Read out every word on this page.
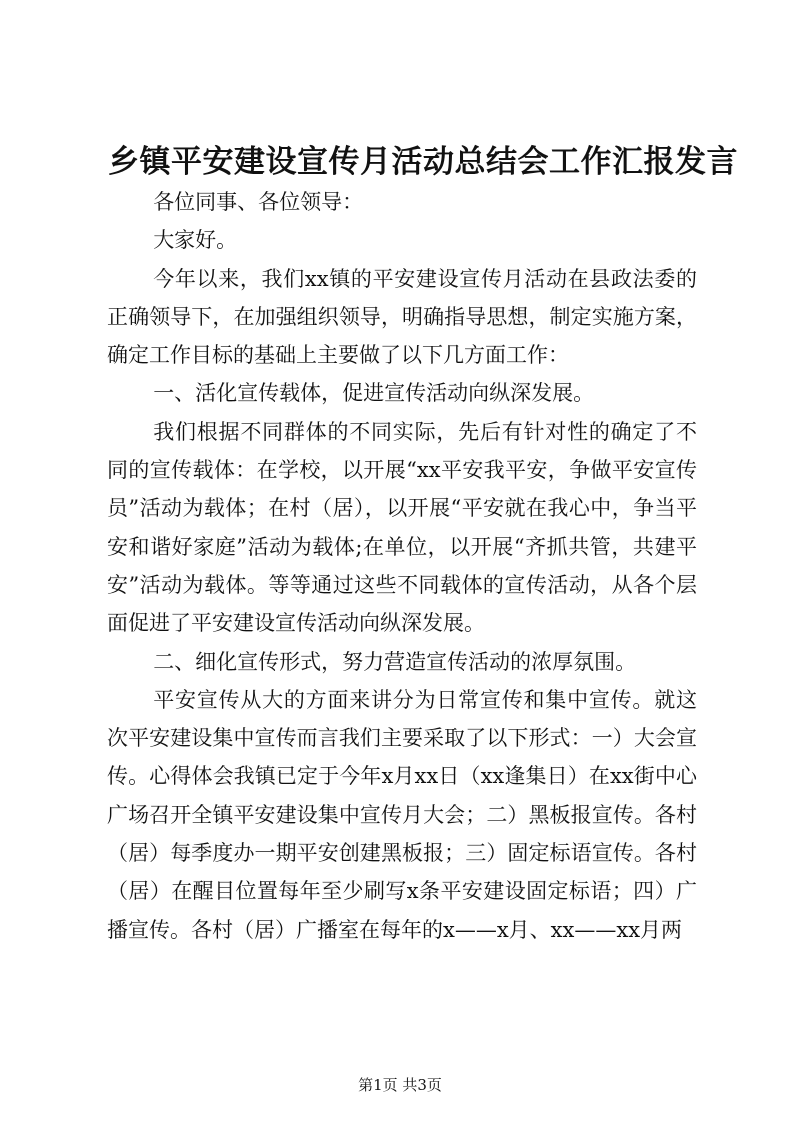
乡镇平安建设宣传月活动总结会工作汇报发言

各位同事、各位领导：

大家好。

今年以来，我们xx镇的平安建设宣传月活动在县政法委的正确领导下，在加强组织领导，明确指导思想，制定实施方案，确定工作目标的基础上主要做了以下几方面工作：

一、活化宣传载体，促进宣传活动向纵深发展。

我们根据不同群体的不同实际，先后有针对性的确定了不同的宣传载体：在学校，以开展“xx平安我平安，争做平安宣传员”活动为载体；在村（居），以开展“平安就在我心中，争当平安和谐好家庭”活动为载体;在单位，以开展“齐抓共管，共建平安”活动为载体。等等通过这些不同载体的宣传活动，从各个层面促进了平安建设宣传活动向纵深发展。

二、细化宣传形式，努力营造宣传活动的浓厚氛围。

平安宣传从大的方面来讲分为日常宣传和集中宣传。就这次平安建设集中宣传而言我们主要采取了以下形式：一）大会宣传。心得体会我镇已定于今年x月xx日（xx逢集日）在xx街中心广场召开全镇平安建设集中宣传月大会；二）黑板报宣传。各村（居）每季度办一期平安创建黑板报；三）固定标语宣传。各村（居）在醒目位置每年至少刷写x条平安建设固定标语；四）广播宣传。各村（居）广播室在每年的x——x月、xx——xx月两

第1页 共3页
